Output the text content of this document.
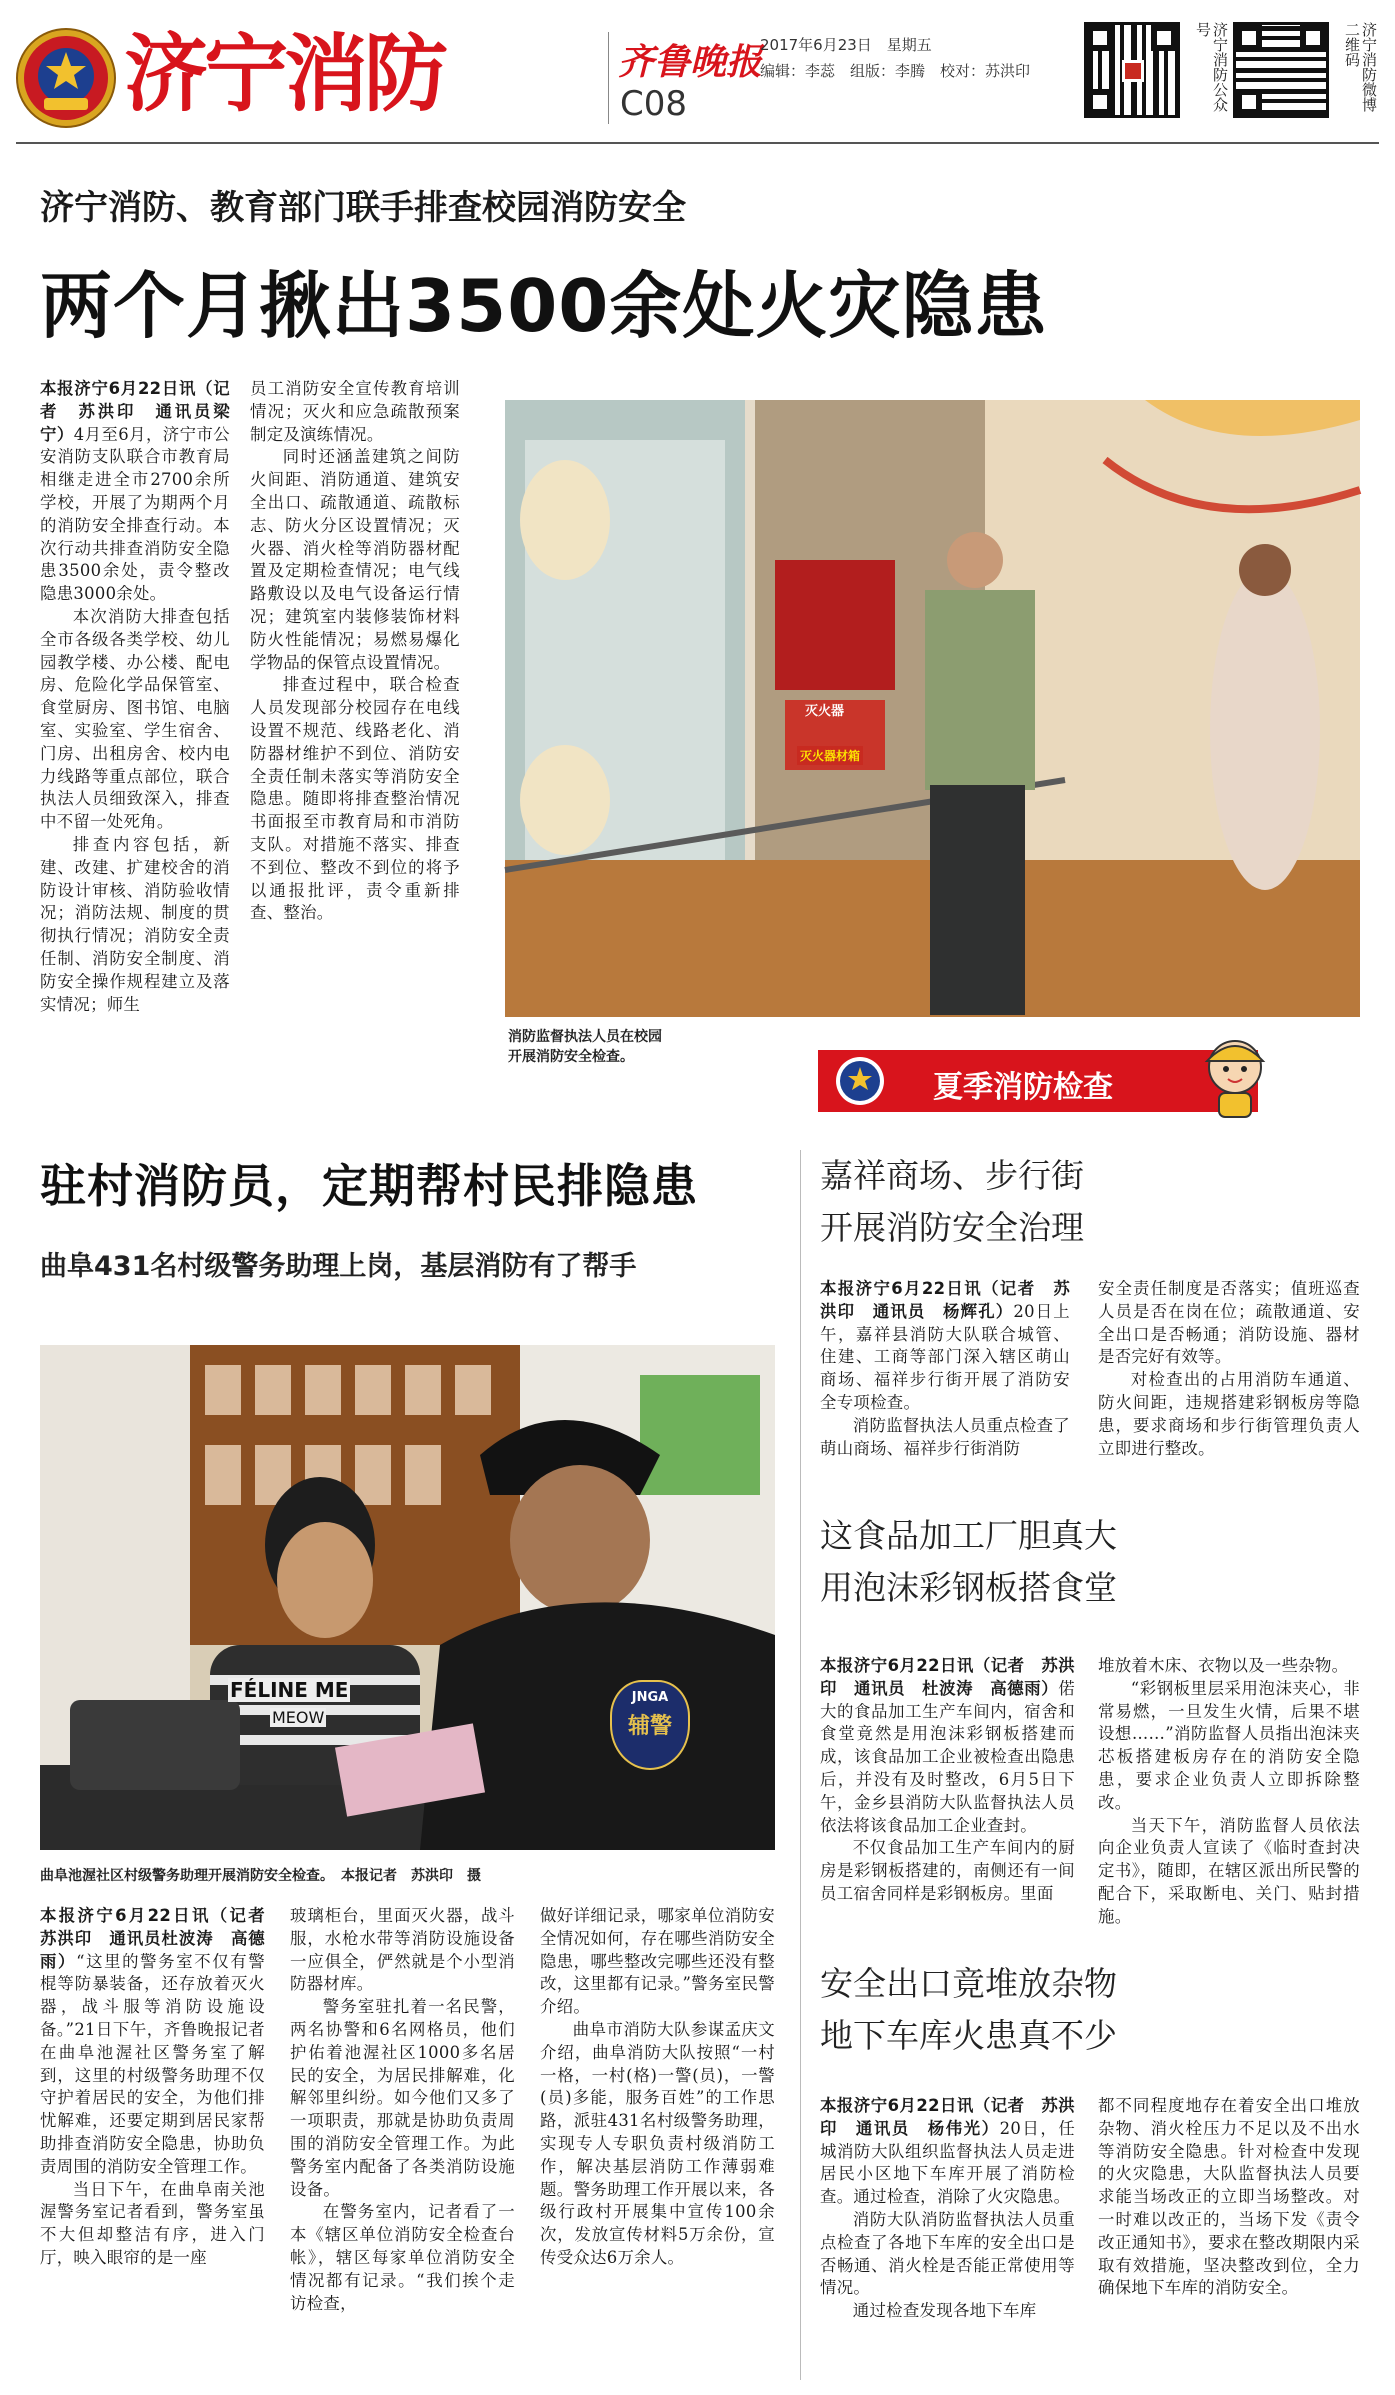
济宁消防	齐鲁晚报
C08
2017年6月23日　星期五
编辑：李蕊　组版：李腾　校对：苏洪印	济宁消防公众号	济宁消防微博二维码
济宁消防、教育部门联手排查校园消防安全
两个月揪出3500余处火灾隐患

本报济宁6月22日讯（记者　苏洪印　通讯员梁宁）4月至6月，济宁市公安消防支队联合市教育局相继走进全市2700余所学校，开展了为期两个月的消防安全排查行动。本次行动共排查消防安全隐患3500余处，责令整改隐患3000余处。

本次消防大排查包括全市各级各类学校、幼儿园教学楼、办公楼、配电房、危险化学品保管室、食堂厨房、图书馆、电脑室、实验室、学生宿舍、门房、出租房舍、校内电力线路等重点部位，联合执法人员细致深入，排查中不留一处死角。

排查内容包括，新建、改建、扩建校舍的消防设计审核、消防验收情况；消防法规、制度的贯彻执行情况；消防安全责任制、消防安全制度、消防安全操作规程建立及落实情况；师生

员工消防安全宣传教育培训情况；灭火和应急疏散预案制定及演练情况。

同时还涵盖建筑之间防火间距、消防通道、建筑安全出口、疏散通道、疏散标志、防火分区设置情况；灭火器、消火栓等消防器材配置及定期检查情况；电气线路敷设以及电气设备运行情况；建筑室内装修装饰材料防火性能情况；易燃易爆化学物品的保管点设置情况。

排查过程中，联合检查人员发现部分校园存在电线设置不规范、线路老化、消防器材维护不到位、消防安全责任制未落实等消防安全隐患。随即将排查整治情况书面报至市教育局和市消防支队。对措施不落实、排查不到位、整改不到位的将予以通报批评，责令重新排查、整治。

灭火器
灭火器材箱
消防监督执法人员在校园
开展消防安全检查。
夏季消防检查
驻村消防员，定期帮村民排隐患
曲阜431名村级警务助理上岗，基层消防有了帮手
FÉLINE ME
MEOW
JNGA
辅警
曲阜池渥社区村级警务助理开展消防安全检查。　本报记者　苏洪印　摄

本报济宁6月22日讯（记者　苏洪印　通讯员杜波涛　高德雨）“这里的警务室不仅有警棍等防暴装备，还存放着灭火器，战斗服等消防设施设备。”21日下午，齐鲁晚报记者在曲阜池渥社区警务室了解到，这里的村级警务助理不仅守护着居民的安全，为他们排忧解难，还要定期到居民家帮助排查消防安全隐患，协助负责周围的消防安全管理工作。

当日下午，在曲阜南关池渥警务室记者看到，警务室虽不大但却整洁有序，进入门厅，映入眼帘的是一座

玻璃柜台，里面灭火器，战斗服，水枪水带等消防设施设备一应俱全，俨然就是个小型消防器材库。

警务室驻扎着一名民警，两名协警和6名网格员，他们护佑着池渥社区1000多名居民的安全，为居民排解难，化解邻里纠纷。如今他们又多了一项职责，那就是协助负责周围的消防安全管理工作。为此警务室内配备了各类消防设施设备。

在警务室内，记者看了一本《辖区单位消防安全检查台帐》，辖区每家单位消防安全情况都有记录。“我们挨个走访检查，

做好详细记录，哪家单位消防安全情况如何，存在哪些消防安全隐患，哪些整改完哪些还没有整改，这里都有记录。”警务室民警介绍。

曲阜市消防大队参谋孟庆文介绍，曲阜消防大队按照“一村一格，一村(格)一警(员)，一警(员)多能，服务百姓”的工作思路，派驻431名村级警务助理，实现专人专职负责村级消防工作，解决基层消防工作薄弱难题。警务助理工作开展以来，各级行政村开展集中宣传100余次，发放宣传材料5万余份，宣传受众达6万余人。

嘉祥商场、步行街
开展消防安全治理

本报济宁6月22日讯（记者　苏洪印　通讯员　杨辉孔）20日上午，嘉祥县消防大队联合城管、住建、工商等部门深入辖区萌山商场、福祥步行街开展了消防安全专项检查。

消防监督执法人员重点检查了萌山商场、福祥步行街消防

安全责任制度是否落实；值班巡查人员是否在岗在位；疏散通道、安全出口是否畅通；消防设施、器材是否完好有效等。

对检查出的占用消防车通道、防火间距，违规搭建彩钢板房等隐患，要求商场和步行街管理负责人立即进行整改。

这食品加工厂胆真大
用泡沫彩钢板搭食堂

本报济宁6月22日讯（记者　苏洪印　通讯员　杜波涛　高德雨）偌大的食品加工生产车间内，宿舍和食堂竟然是用泡沫彩钢板搭建而成，该食品加工企业被检查出隐患后，并没有及时整改，6月5日下午，金乡县消防大队监督执法人员依法将该食品加工企业查封。

不仅食品加工生产车间内的厨房是彩钢板搭建的，南侧还有一间员工宿舍同样是彩钢板房。里面

堆放着木床、衣物以及一些杂物。

“彩钢板里层采用泡沫夹心，非常易燃，一旦发生火情，后果不堪设想……”消防监督人员指出泡沫夹芯板搭建板房存在的消防安全隐患，要求企业负责人立即拆除整改。

当天下午，消防监督人员依法向企业负责人宣读了《临时查封决定书》，随即，在辖区派出所民警的配合下，采取断电、关门、贴封措施。

安全出口竟堆放杂物
地下车库火患真不少

本报济宁6月22日讯（记者　苏洪印　通讯员　杨伟光）20日，任城消防大队组织监督执法人员走进居民小区地下车库开展了消防检查。通过检查，消除了火灾隐患。

消防大队消防监督执法人员重点检查了各地下车库的安全出口是否畅通、消火栓是否能正常使用等情况。

通过检查发现各地下车库

都不同程度地存在着安全出口堆放杂物、消火栓压力不足以及不出水等消防安全隐患。针对检查中发现的火灾隐患，大队监督执法人员要求能当场改正的立即当场整改。对一时难以改正的，当场下发《责令改正通知书》，要求在整改期限内采取有效措施，坚决整改到位，全力确保地下车库的消防安全。
